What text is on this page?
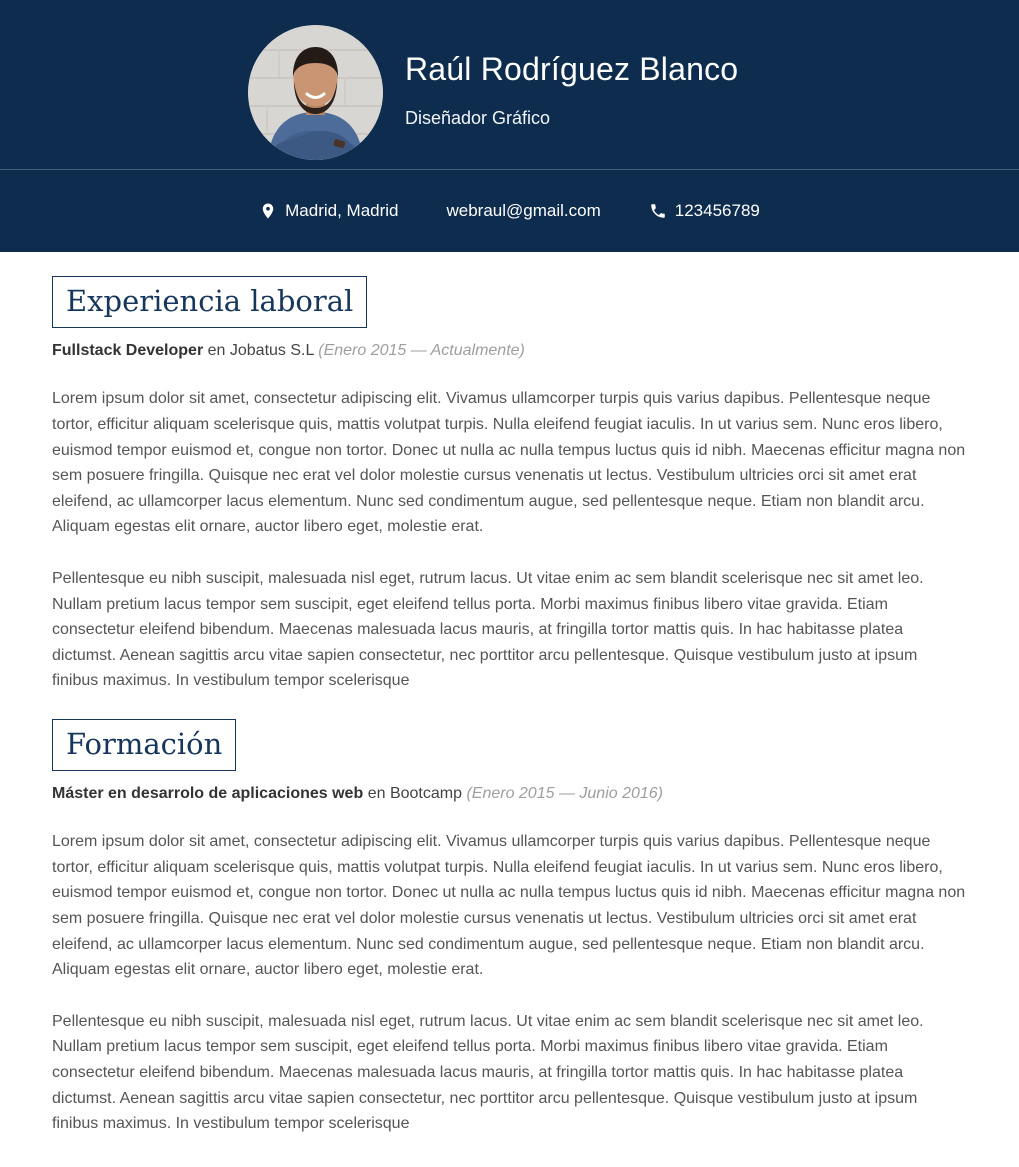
Raúl Rodríguez Blanco
Diseñador Gráfico
Madrid, Madrid	webraul@gmail.com	123456789
Experiencia laboral

Fullstack Developer en Jobatus S.L (Enero 2015 — Actualmente)

Lorem ipsum dolor sit amet, consectetur adipiscing elit. Vivamus ullamcorper turpis quis varius dapibus. Pellentesque neque tortor, efficitur aliquam scelerisque quis, mattis volutpat turpis. Nulla eleifend feugiat iaculis. In ut varius sem. Nunc eros libero, euismod tempor euismod et, congue non tortor. Donec ut nulla ac nulla tempus luctus quis id nibh. Maecenas efficitur magna non sem posuere fringilla. Quisque nec erat vel dolor molestie cursus venenatis ut lectus. Vestibulum ultricies orci sit amet erat eleifend, ac ullamcorper lacus elementum. Nunc sed condimentum augue, sed pellentesque neque. Etiam non blandit arcu. Aliquam egestas elit ornare, auctor libero eget, molestie erat.

Pellentesque eu nibh suscipit, malesuada nisl eget, rutrum lacus. Ut vitae enim ac sem blandit scelerisque nec sit amet leo. Nullam pretium lacus tempor sem suscipit, eget eleifend tellus porta. Morbi maximus finibus libero vitae gravida. Etiam consectetur eleifend bibendum. Maecenas malesuada lacus mauris, at fringilla tortor mattis quis. In hac habitasse platea dictumst. Aenean sagittis arcu vitae sapien consectetur, nec porttitor arcu pellentesque. Quisque vestibulum justo at ipsum finibus maximus. In vestibulum tempor scelerisque

Formación

Máster en desarrolo de aplicaciones web en Bootcamp (Enero 2015 — Junio 2016)

Lorem ipsum dolor sit amet, consectetur adipiscing elit. Vivamus ullamcorper turpis quis varius dapibus. Pellentesque neque tortor, efficitur aliquam scelerisque quis, mattis volutpat turpis. Nulla eleifend feugiat iaculis. In ut varius sem. Nunc eros libero, euismod tempor euismod et, congue non tortor. Donec ut nulla ac nulla tempus luctus quis id nibh. Maecenas efficitur magna non sem posuere fringilla. Quisque nec erat vel dolor molestie cursus venenatis ut lectus. Vestibulum ultricies orci sit amet erat eleifend, ac ullamcorper lacus elementum. Nunc sed condimentum augue, sed pellentesque neque. Etiam non blandit arcu. Aliquam egestas elit ornare, auctor libero eget, molestie erat.

Pellentesque eu nibh suscipit, malesuada nisl eget, rutrum lacus. Ut vitae enim ac sem blandit scelerisque nec sit amet leo. Nullam pretium lacus tempor sem suscipit, eget eleifend tellus porta. Morbi maximus finibus libero vitae gravida. Etiam consectetur eleifend bibendum. Maecenas malesuada lacus mauris, at fringilla tortor mattis quis. In hac habitasse platea dictumst. Aenean sagittis arcu vitae sapien consectetur, nec porttitor arcu pellentesque. Quisque vestibulum justo at ipsum finibus maximus. In vestibulum tempor scelerisque
